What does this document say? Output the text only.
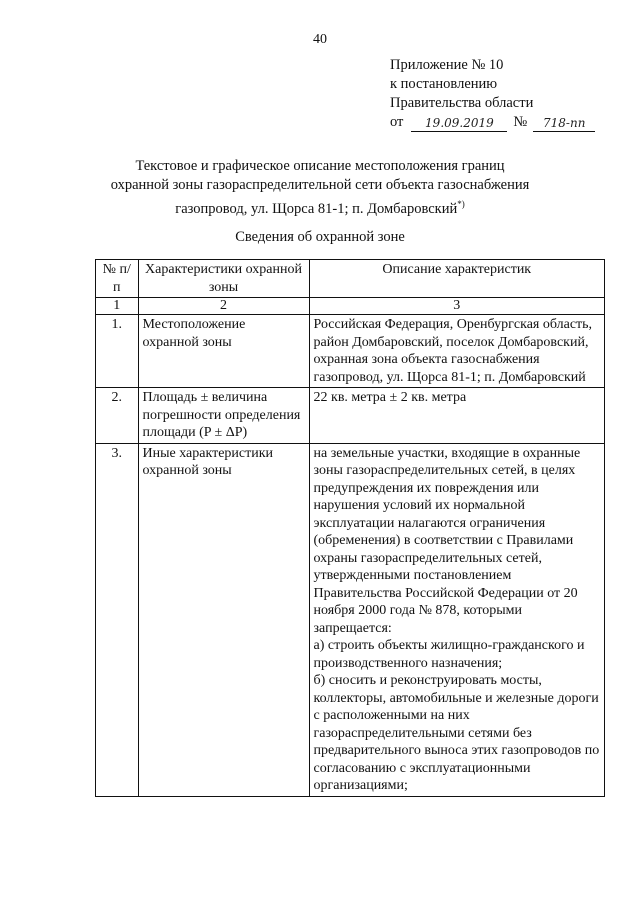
40
Приложение № 10
к постановлению
Правительства области
от	19.09.2019	№	718-пп
Текстовое и графическое описание местоположения границ
охранной зоны газораспределительной сети объекта газоснабжения
газопровод, ул. Щорса 81-1; п. Домбаровский*)
Сведения об охранной зоне
№ п/п	Характеристики охранной зоны	Описание характеристик
1	2	3
1.	Местоположение охранной зоны	Российская Федерация, Оренбургская область, район Домбаровский, поселок Домбаровский, охранная зона объекта газоснабжения газопровод, ул. Щорса 81-1; п. Домбаровский
2.	Площадь ± величина погрешности определения площади (P ± ΔP)	22 кв. метра ± 2 кв. метра
3.	Иные характеристики охранной зоны	на земельные участки, входящие в охранные зоны газораспределительных сетей, в целях предупреждения их повреждения или нарушения условий их нормальной эксплуатации налагаются ограничения (обременения) в соответствии с Правилами охраны газораспределительных сетей, утвержденными постановлением Правительства Российской Федерации от 20 ноября 2000 года № 878, которыми запрещается:
а) строить объекты жилищно-гражданского и производственного назначения;
б) сносить и реконструировать мосты, коллекторы, автомобильные и железные дороги с расположенными на них газораспределительными сетями без предварительного выноса этих газопроводов по согласованию с эксплуатационными организациями;
